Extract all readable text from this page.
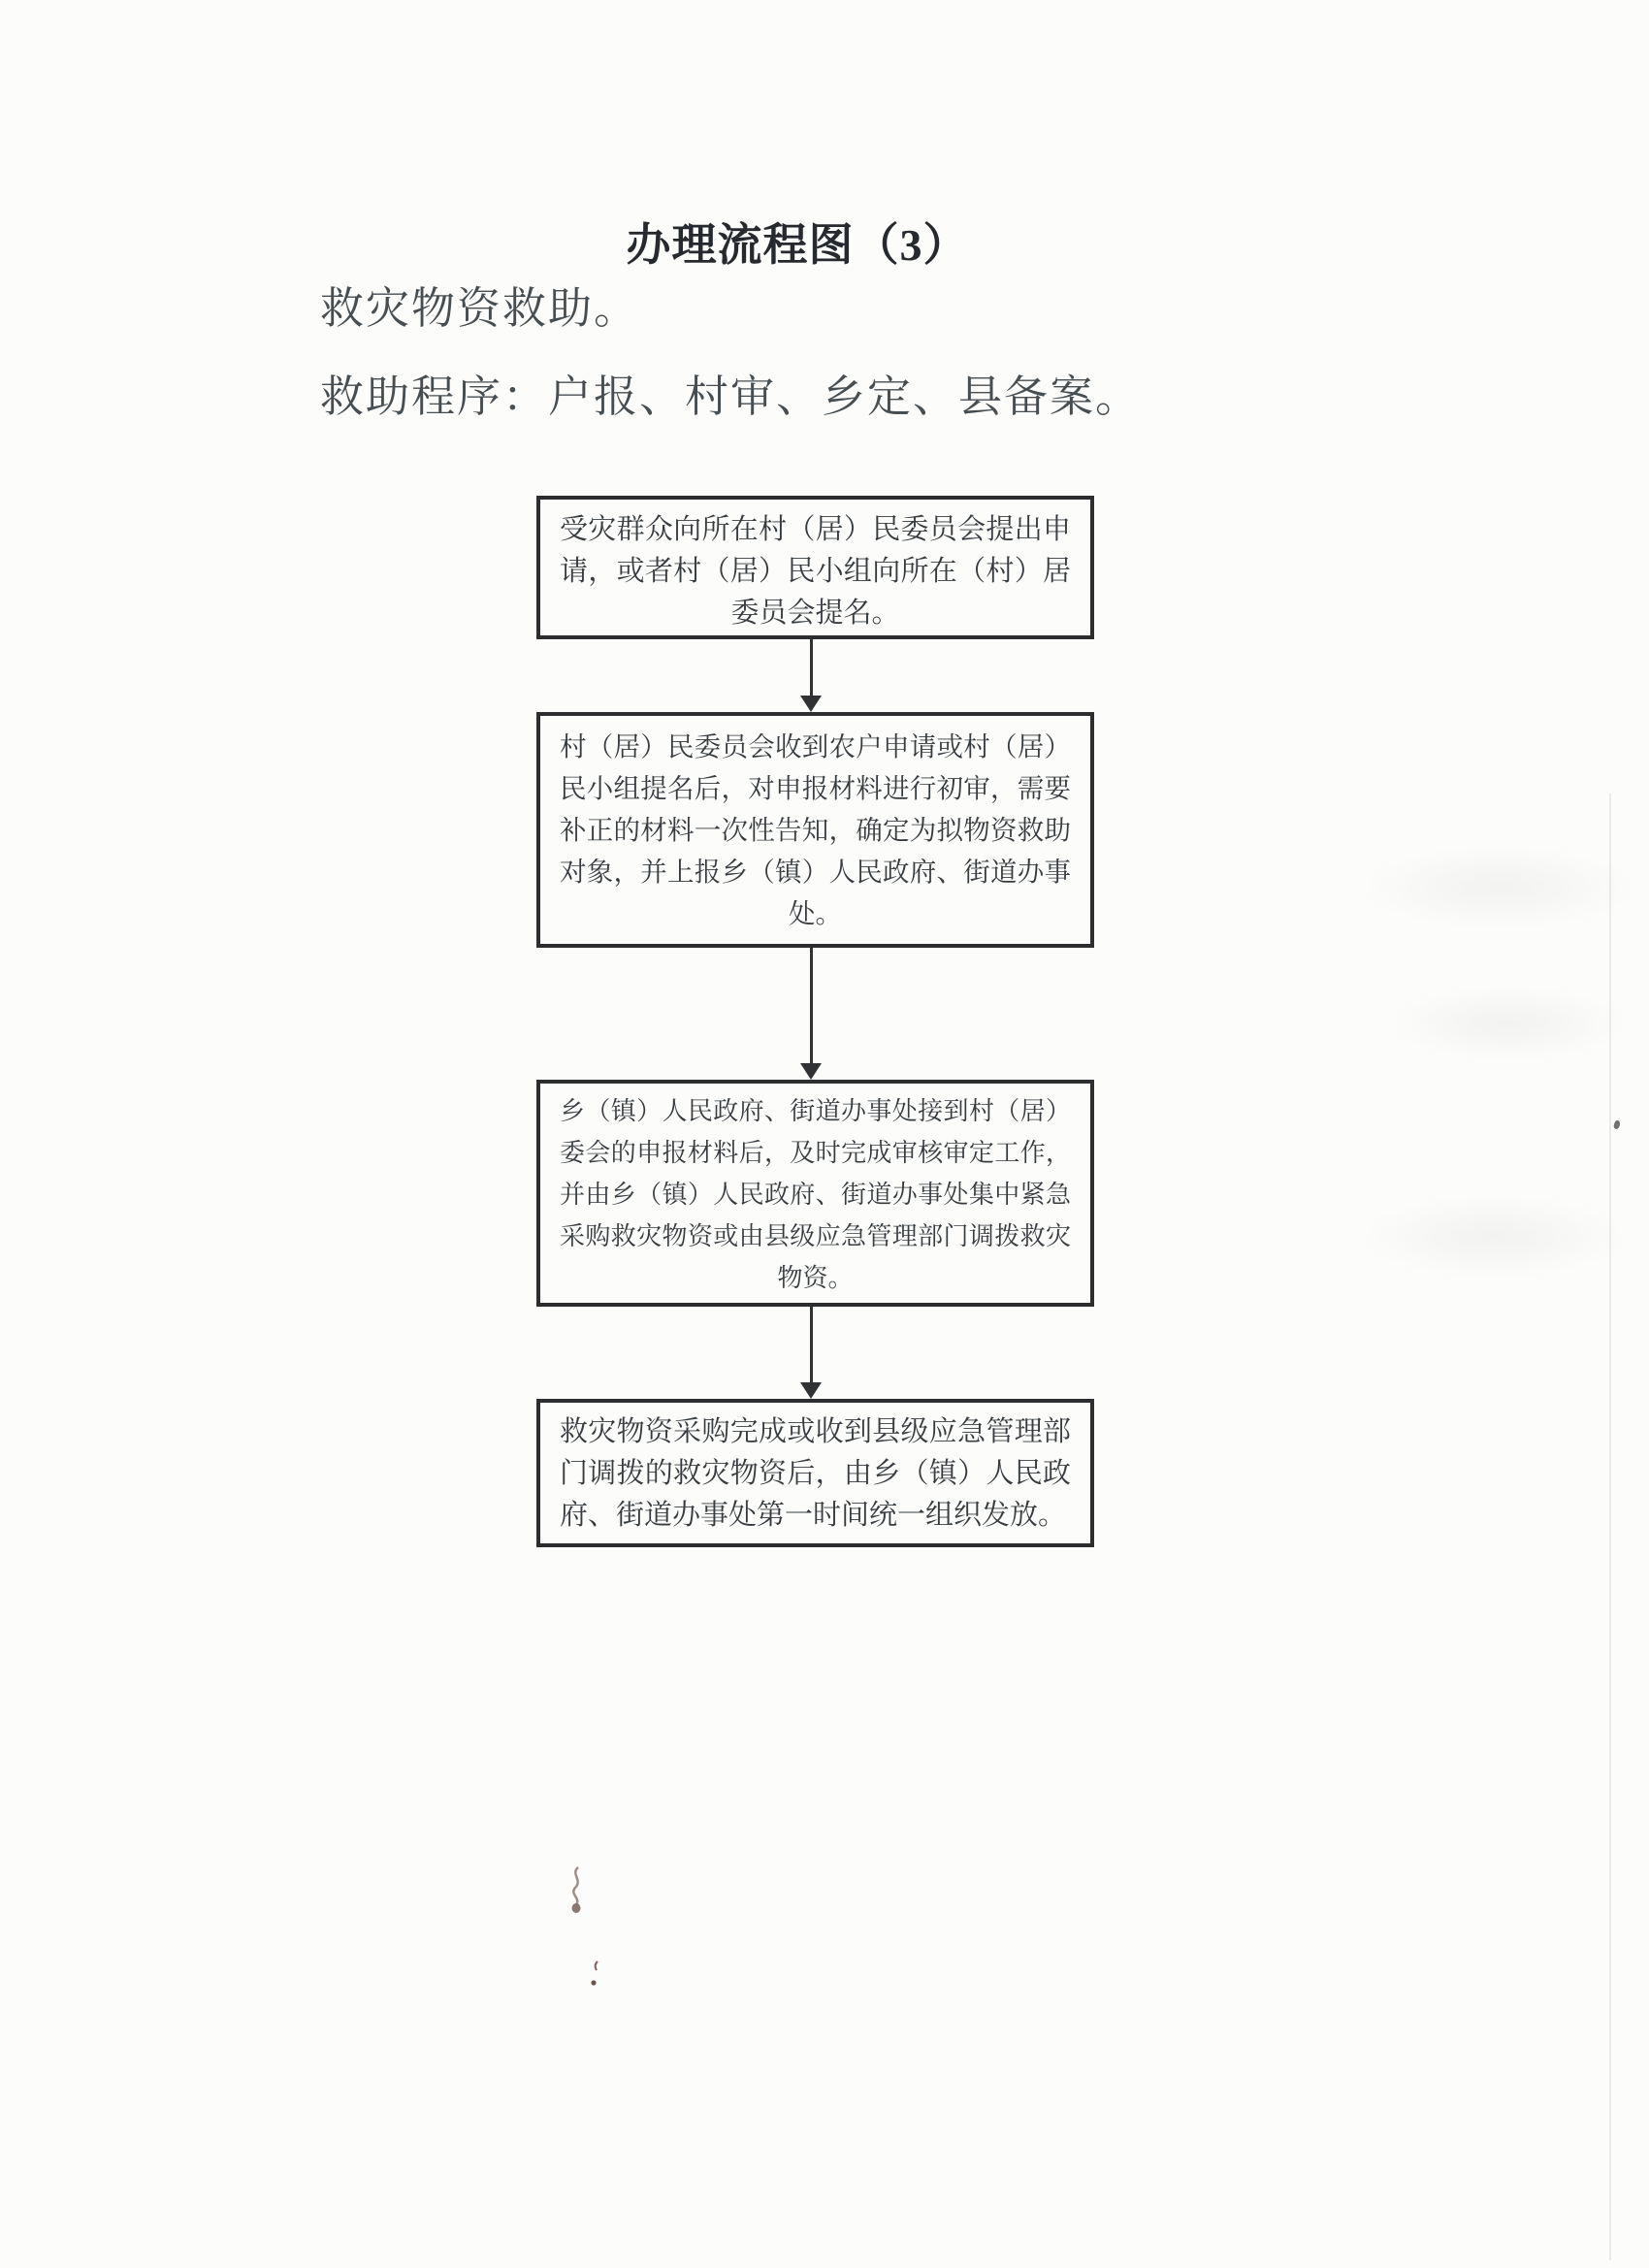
办理流程图（3）
救灾物资救助。
救助程序：户报、村审、乡定、县备案。

受灾群众向所在村（居）民委员会提出申请，或者村（居）民小组向所在（村）居委员会提名。

村（居）民委员会收到农户申请或村（居）民小组提名后，对申报材料进行初审，需要补正的材料一次性告知，确定为拟物资救助对象，并上报乡（镇）人民政府、街道办事处。

乡（镇）人民政府、街道办事处接到村（居）委会的申报材料后，及时完成审核审定工作，并由乡（镇）人民政府、街道办事处集中紧急采购救灾物资或由县级应急管理部门调拨救灾物资。

救灾物资采购完成或收到县级应急管理部门调拨的救灾物资后，由乡（镇）人民政府、街道办事处第一时间统一组织发放。
